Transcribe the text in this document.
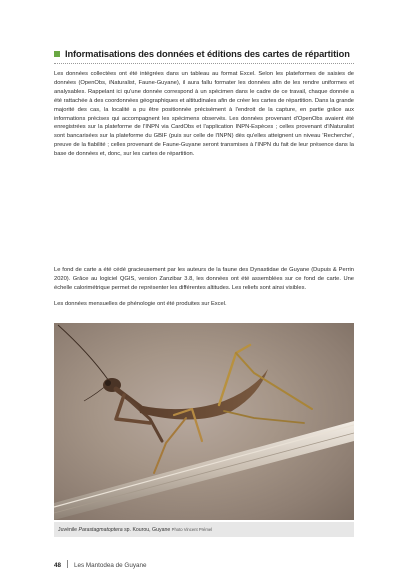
Informatisations des données et éditions des cartes de répartition

Les données collectées ont été intégrées dans un tableau au format Excel. Selon les plateformes de saisies de données (OpenObs, iNaturalist, Faune-Guyane), il aura fallu formater les données afin de les rendre uniformes et analysables. Rappelant ici qu'une donnée correspond à un spécimen dans le cadre de ce travail, chaque donnée a été rattachée à des coordonnées géographiques et altitudinales afin de créer les cartes de répartition. Dans la grande majorité des cas, la localité a pu être positionnée précisément à l'endroit de la capture, en partie grâce aux informations précises qui accompagnent les spécimens observés. Les données provenant d'OpenObs avaient été enregistrées sur la plateforme de l'INPN via CardObs et l'application INPN-Espèces ; celles provenant d'iNaturalist sont bancarisées sur la plateforme du GBIF (puis sur celle de l'INPN) dès qu'elles atteignent un niveau 'Recherche', preuve de la fiabilité ; celles provenant de Faune-Guyane seront transmises à l'INPN du fait de leur présence dans la base de données et, donc, sur les cartes de répartition.

Le fond de carte a été cédé gracieusement par les auteurs de la faune des Dynastidae de Guyane (Dupuis & Perrin 2020). Grâce au logiciel QGIS, version Zanzibar 3.8, les données ont été assemblées sur ce fond de carte. Une échelle calorimétrique permet de représenter les différentes altitudes. Les reliefs sont ainsi visibles.

Les données mensuelles de phénologie ont été produites sur Excel.

Juvénile Parastagmatoptera sp. Kourou, Guyane Photo Vincent Prémel
48 Les Mantodea de Guyane
